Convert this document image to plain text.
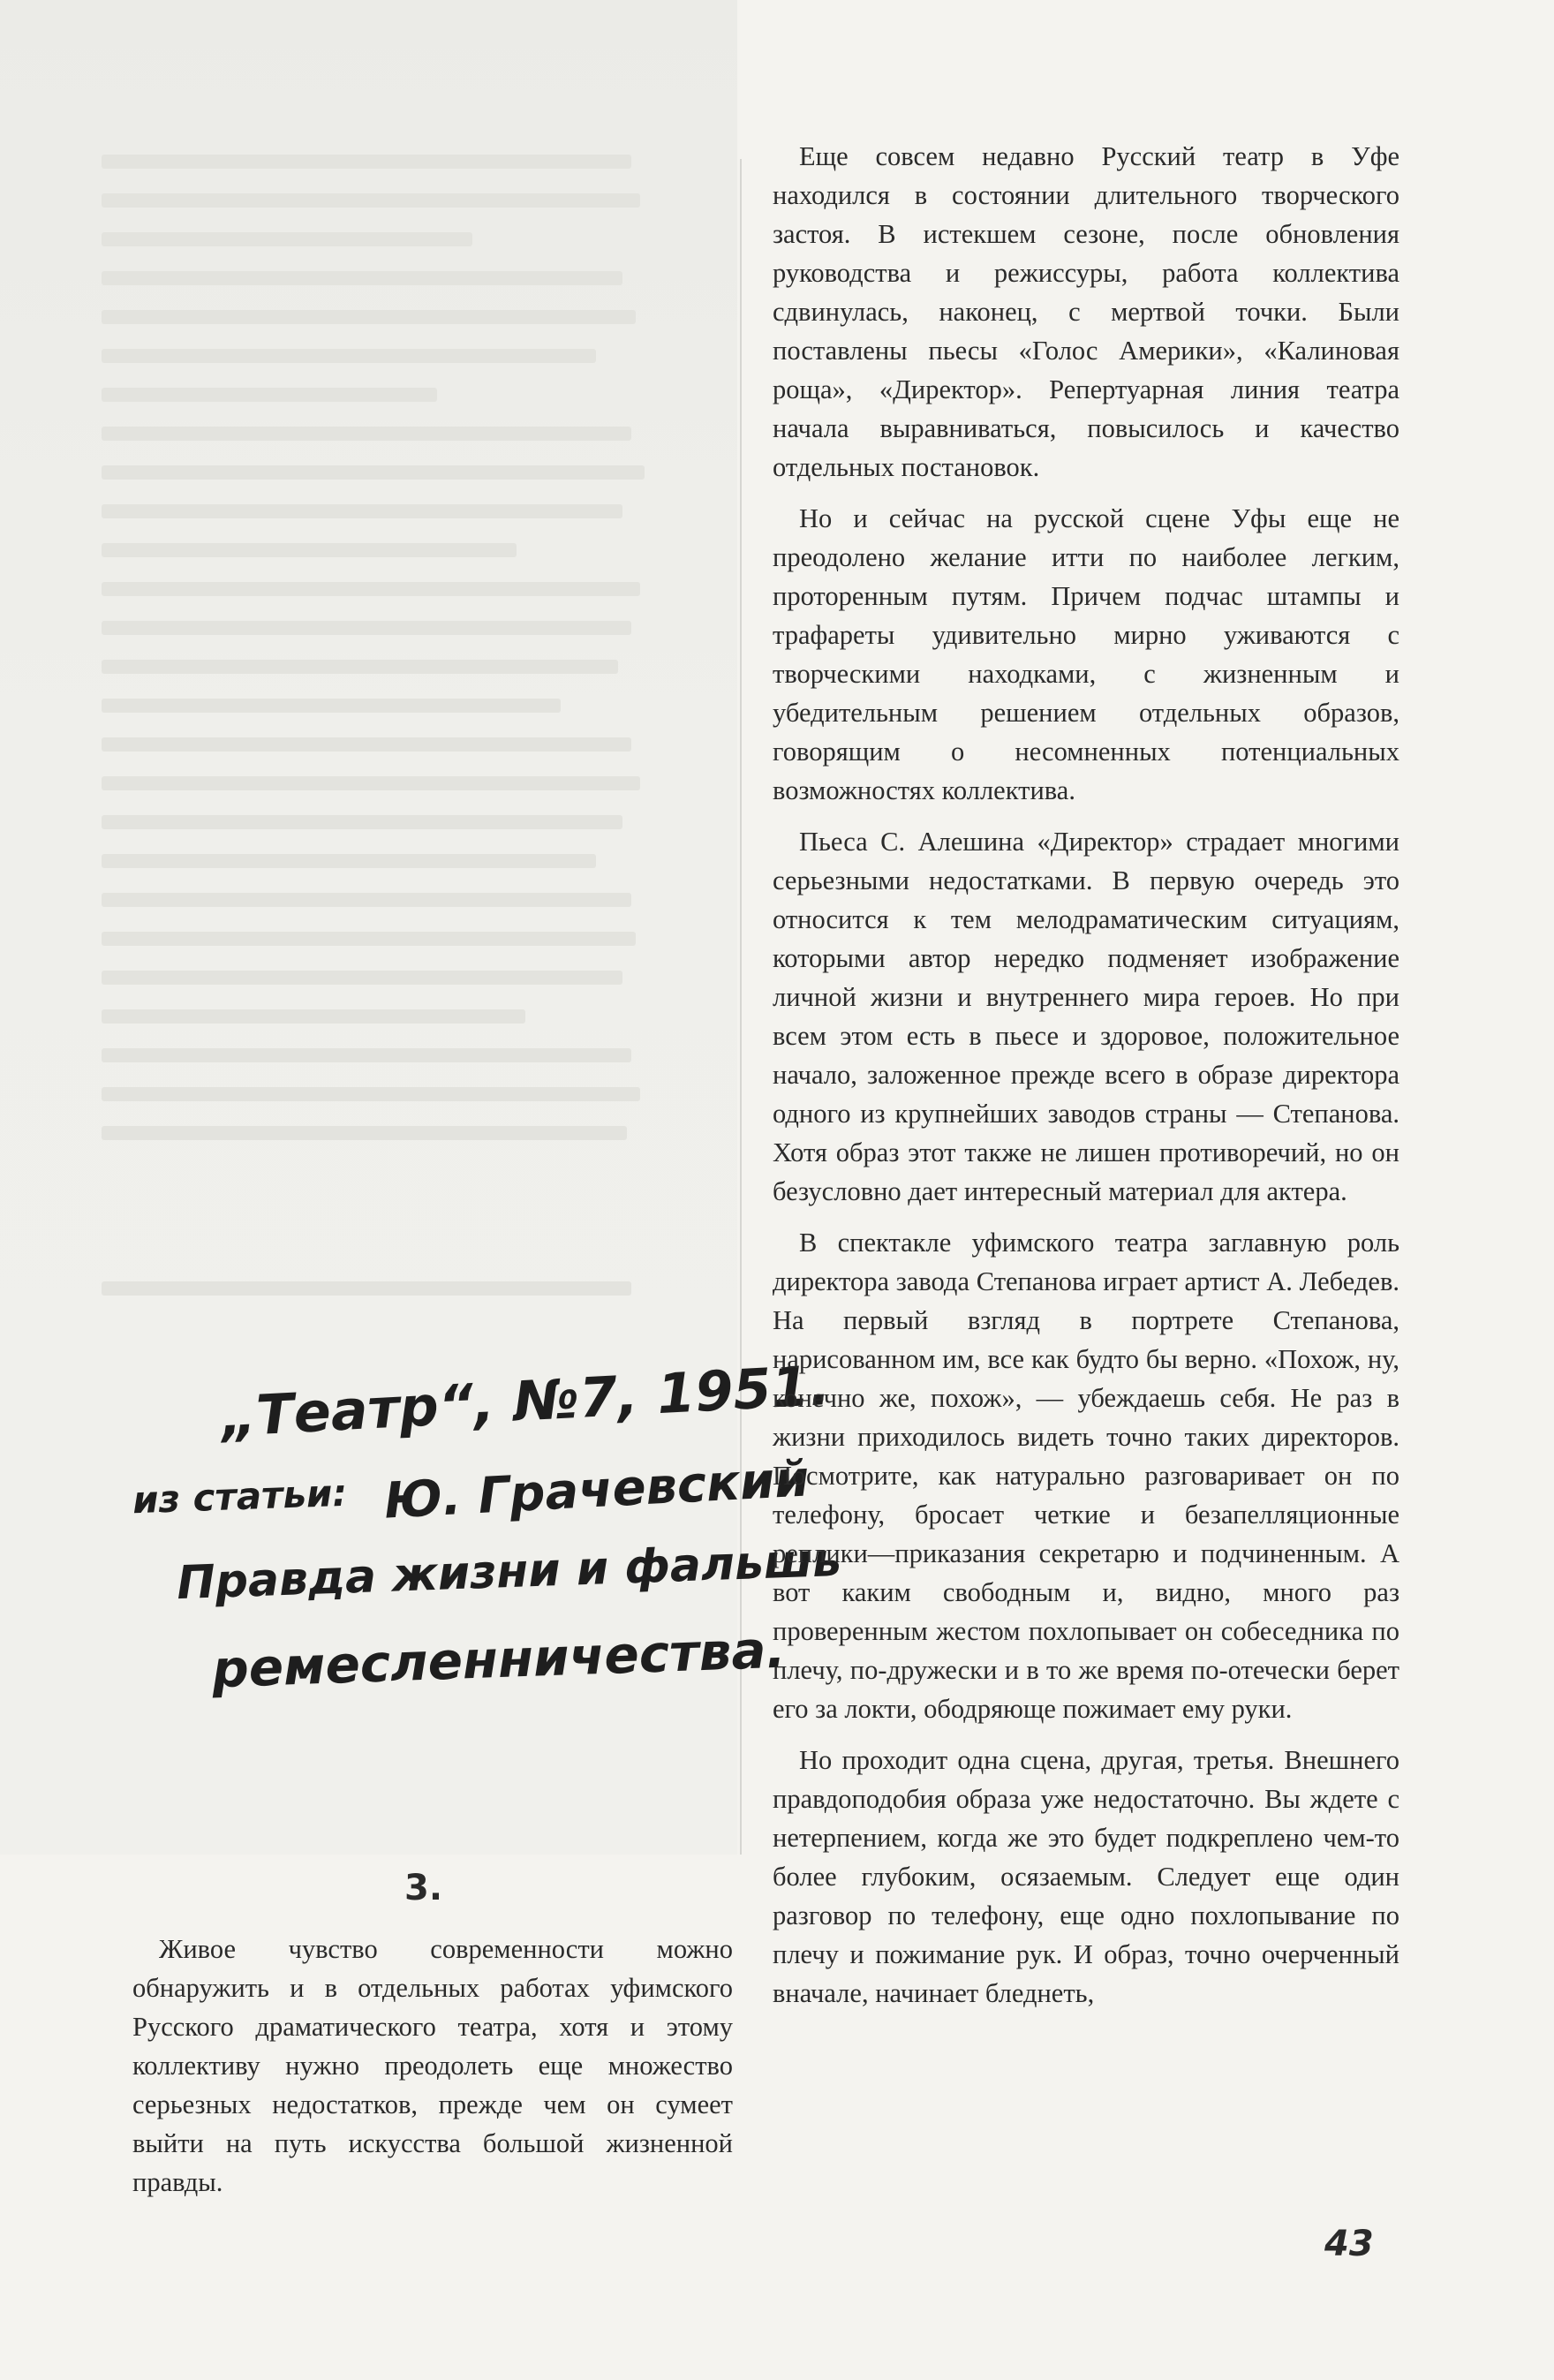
„Театр“, №7, 1951.
из статьи: Ю. Грачевский
Правда жизни и фальшь
ремесленничества.
3.

Живое чувство современности можно обнаружить и в отдельных работах уфимского Русского драматического театра, хотя и этому коллективу нужно преодолеть еще множество серьезных недостатков, прежде чем он сумеет выйти на путь искусства большой жизненной правды.

Еще совсем недавно Русский театр в Уфе находился в состоянии длительного творческого застоя. В истекшем сезоне, после обновления руководства и режиссуры, работа коллектива сдвинулась, наконец, с мертвой точки. Были поставлены пьесы «Голос Америки», «Калиновая роща», «Директор». Репертуарная линия театра начала выравниваться, повысилось и качество отдельных постановок.

Но и сейчас на русской сцене Уфы еще не преодолено желание итти по наиболее легким, проторенным путям. Причем подчас штампы и трафареты удивительно мирно уживаются с творческими находками, с жизненным и убедительным решением отдельных образов, говорящим о несомненных потенциальных возможностях коллектива.

Пьеса С. Алешина «Директор» страдает многими серьезными недостатками. В первую очередь это относится к тем мелодраматическим ситуациям, которыми автор нередко подменяет изображение личной жизни и внутреннего мира героев. Но при всем этом есть в пьесе и здоровое, положительное начало, заложенное прежде всего в образе директора одного из крупнейших заводов страны — Степанова. Хотя образ этот также не лишен противоречий, но он безусловно дает интересный материал для актера.

В спектакле уфимского театра заглавную роль директора завода Степанова играет артист А. Лебедев. На первый взгляд в портрете Степанова, нарисованном им, все как будто бы верно. «Похож, ну, конечно же, похож», — убеждаешь себя. Не раз в жизни приходилось видеть точно таких директоров. Посмотрите, как натурально разговаривает он по телефону, бросает четкие и безапелляционные реплики—приказания секретарю и подчиненным. А вот каким свободным и, видно, много раз проверенным жестом похлопывает он собеседника по плечу, по-дружески и в то же время по-отечески берет его за локти, ободряюще пожимает ему руки.

Но проходит одна сцена, другая, третья. Внешнего правдоподобия образа уже недостаточно. Вы ждете с нетерпением, когда же это будет подкреплено чем-то более глубоким, осязаемым. Следует еще один разговор по телефону, еще одно похлопывание по плечу и пожимание рук. И образ, точно очерченный вначале, начинает бледнеть,

43
